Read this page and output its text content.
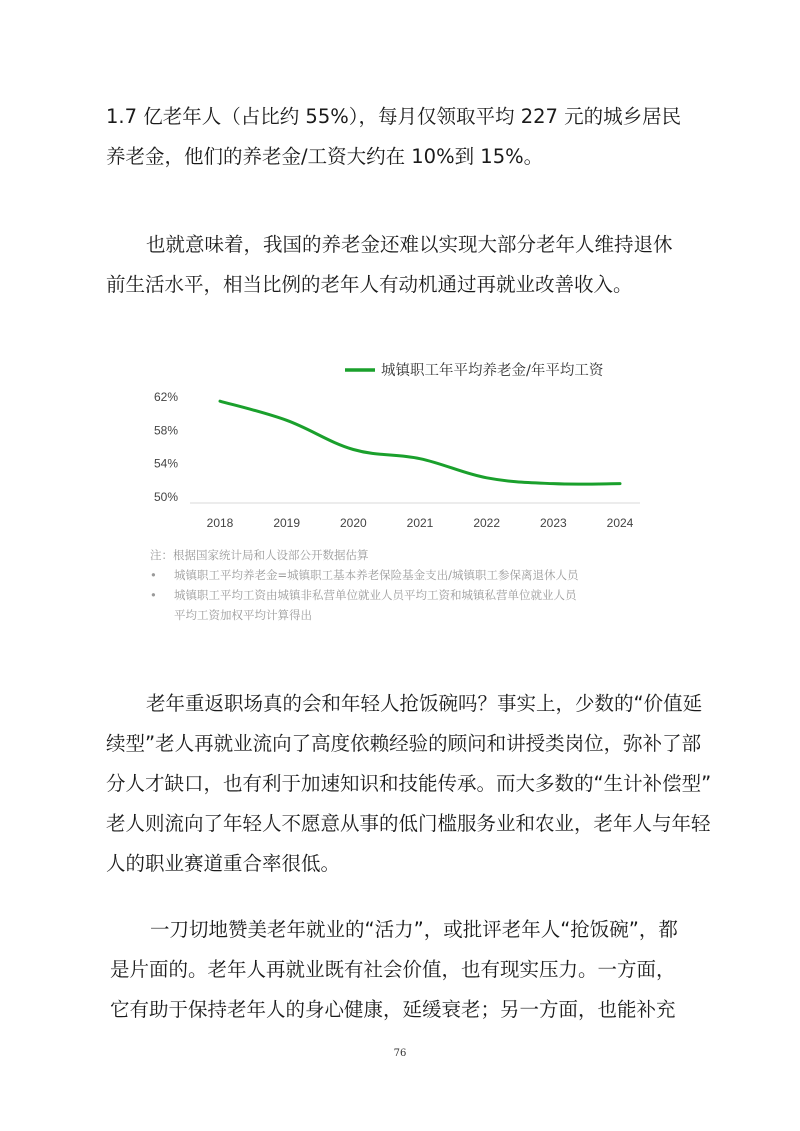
1.7 亿老年人（占比约 55%），每月仅领取平均 227 元的城乡居民
养老金，他们的养老金/工资大约在 10%到 15%。

也就意味着，我国的养老金还难以实现大部分老年人维持退休
前生活水平，相当比例的老年人有动机通过再就业改善收入。

62%
58%
54%
50%
2018	2019	2020	2021	2022	2023	2024
城镇职工年平均养老金/年平均工资
注：根据国家统计局和人设部公开数据估算
• 城镇职工平均养老金=城镇职工基本养老保险基金支出/城镇职工参保离退休人员
• 城镇职工平均工资由城镇非私营单位就业人员平均工资和城镇私营单位就业人员
平均工资加权平均计算得出

老年重返职场真的会和年轻人抢饭碗吗？事实上，少数的“价值延
续型”老人再就业流向了高度依赖经验的顾问和讲授类岗位，弥补了部
分人才缺口，也有利于加速知识和技能传承。而大多数的“生计补偿型”
老人则流向了年轻人不愿意从事的低门槛服务业和农业，老年人与年轻
人的职业赛道重合率很低。

一刀切地赞美老年就业的“活力”，或批评老年人“抢饭碗”，都
是片面的。老年人再就业既有社会价值，也有现实压力。一方面，
它有助于保持老年人的身心健康，延缓衰老；另一方面，也能补充

76
